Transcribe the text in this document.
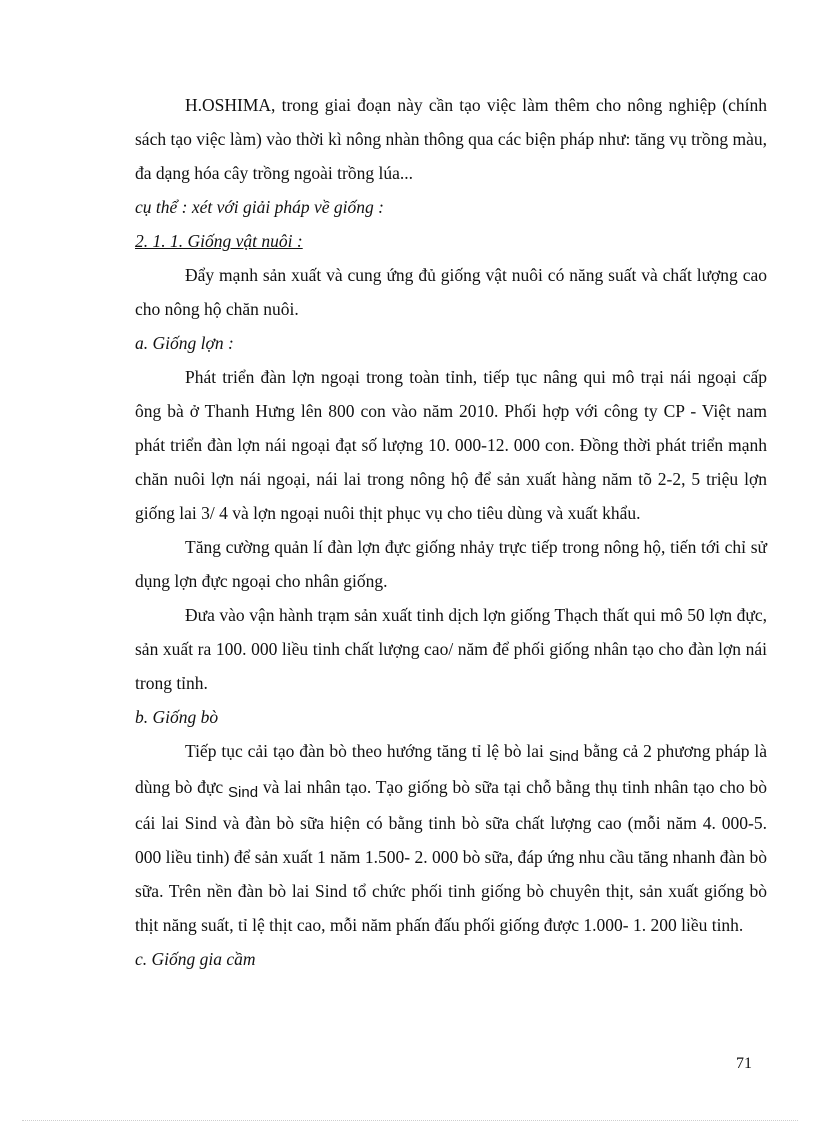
H.OSHIMA, trong giai đoạn này cần tạo việc làm thêm cho nông nghiệp (chính sách tạo việc làm) vào thời kì nông nhàn thông qua các biện pháp như: tăng vụ trồng màu, đa dạng hóa cây trồng ngoài trồng lúa...

cụ thể : xét với giải pháp về giống :

2. 1. 1. Giống vật nuôi :

Đẩy mạnh sản xuất và cung ứng đủ giống vật nuôi có năng suất và chất lượng cao cho nông hộ chăn nuôi.

a. Giống lợn :

Phát triển đàn lợn ngoại trong toàn tỉnh, tiếp tục nâng qui mô trại nái ngoại cấp ông bà ở Thanh Hưng lên 800 con vào năm 2010. Phối hợp với công ty CP - Việt nam phát triển đàn lợn nái ngoại đạt số lượng 10. 000-12. 000 con. Đồng thời phát triển mạnh chăn nuôi lợn nái ngoại, nái lai trong nông hộ để sản xuất hàng năm tõ 2-2, 5 triệu lợn giống lai 3/ 4 và lợn ngoại nuôi thịt phục vụ cho tiêu dùng và xuất khẩu.

Tăng cường quản lí đàn lợn đực giống nhảy trực tiếp trong nông hộ, tiến tới chỉ sử dụng lợn đực ngoại cho nhân giống.

Đưa vào vận hành trạm sản xuất tinh dịch lợn giống Thạch thất qui mô 50 lợn đực, sản xuất ra 100. 000 liều tinh chất lượng cao/ năm để phối giống nhân tạo cho đàn lợn nái trong tỉnh.

b. Giống bò

Tiếp tục cải tạo đàn bò theo hướng tăng tỉ lệ bò lai Sind bằng cả 2 phương pháp là dùng bò đực Sind và lai nhân tạo. Tạo giống bò sữa tại chỗ bằng thụ tinh nhân tạo cho bò cái lai Sind và đàn bò sữa hiện có bằng tinh bò sữa chất lượng cao (mỗi năm 4. 000-5. 000 liều tinh) để sản xuất 1 năm 1.500- 2. 000 bò sữa, đáp ứng nhu cầu tăng nhanh đàn bò sữa. Trên nền đàn bò lai Sind tổ chức phối tinh giống bò chuyên thịt, sản xuất giống bò thịt năng suất, tỉ lệ thịt cao, mỗi năm phấn đấu phối giống được 1.000- 1. 200 liều tinh.

c. Giống gia cầm

71
